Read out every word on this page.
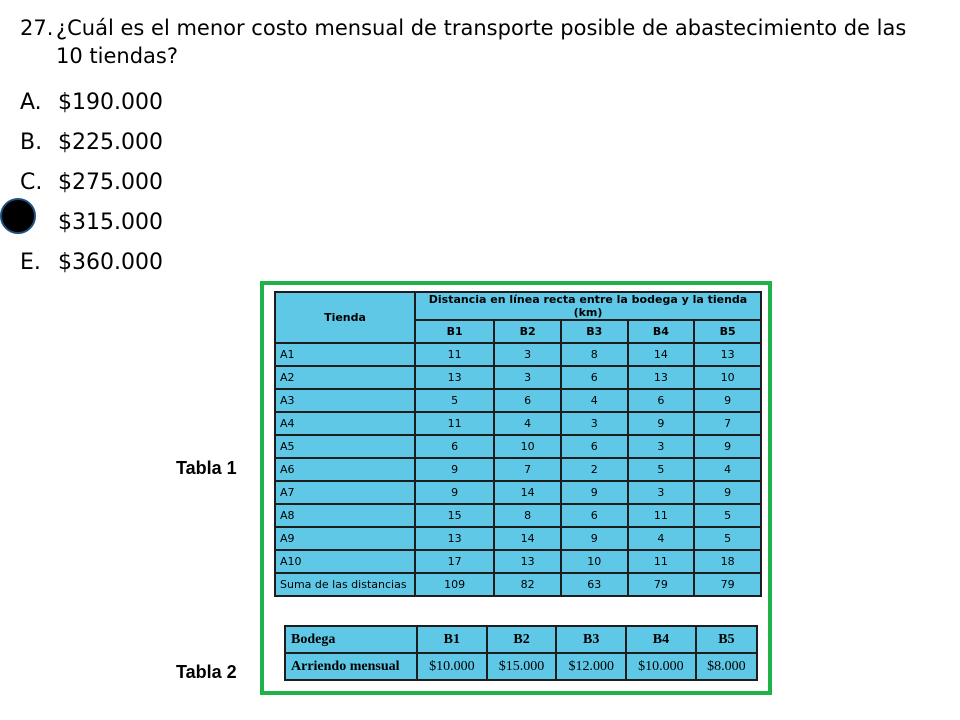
27. ¿Cuál es el menor costo mensual de transporte posible de abastecimiento de las 10 tiendas?
A. $190.000
B. $225.000
C. $275.000
$315.000
E. $360.000
Tabla 1
Tabla 2
Tienda	Distancia en línea recta entre la bodega y la tienda (km)				
	B1	B2	B3	B4	B5
A1	11	3	8	14	13
A2	13	3	6	13	10
A3	5	6	4	6	9
A4	11	4	3	9	7
A5	6	10	6	3	9
A6	9	7	2	5	4
A7	9	14	9	3	9
A8	15	8	6	11	5
A9	13	14	9	4	5
A10	17	13	10	11	18
Suma de las distancias	109	82	63	79	79
Bodega	B1	B2	B3	B4	B5
Arriendo mensual	$10.000	$15.000	$12.000	$10.000	$8.000
